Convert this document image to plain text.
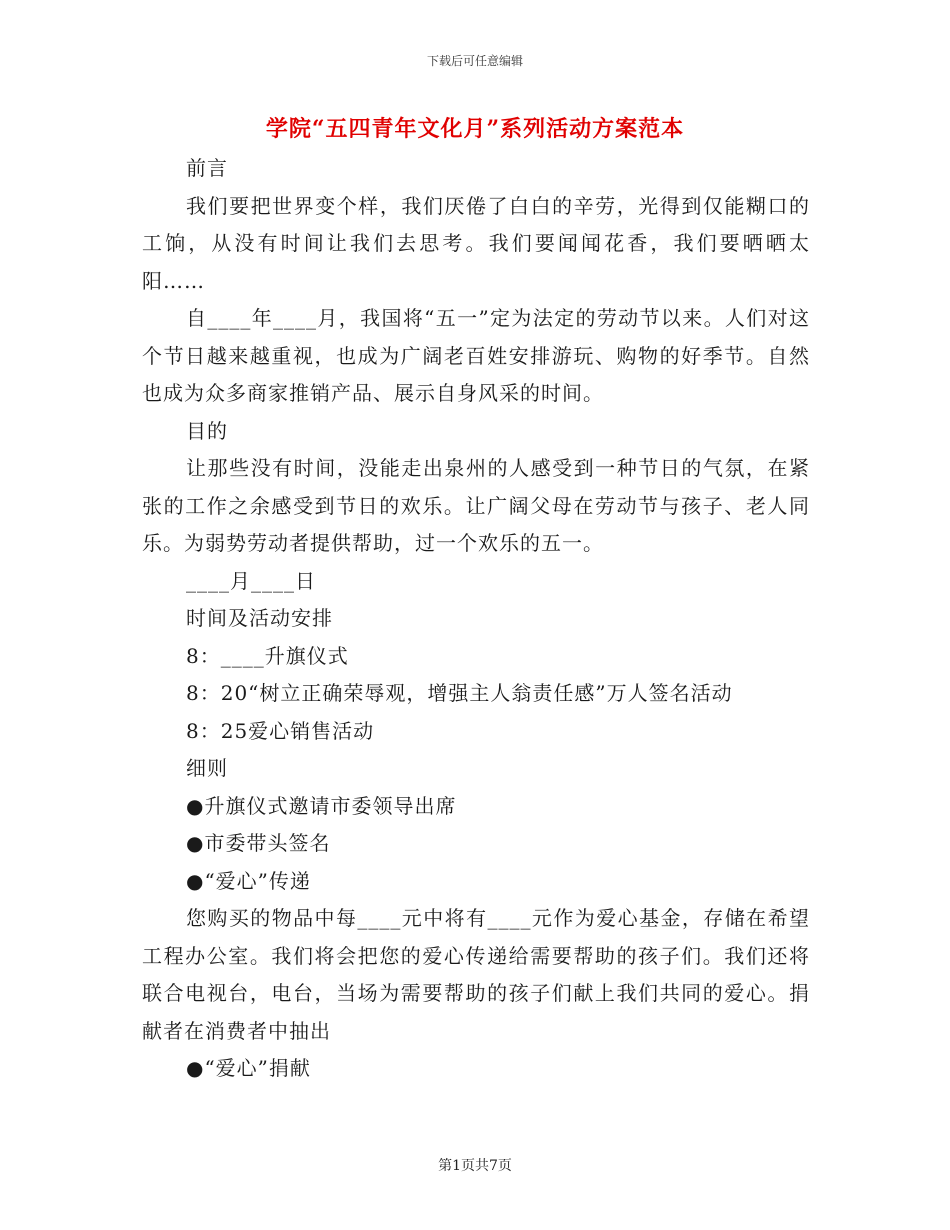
下载后可任意编辑
学院“五四青年文化月”系列活动方案范本

前言

我们要把世界变个样，我们厌倦了白白的辛劳，光得到仅能糊口的工饷，从没有时间让我们去思考。我们要闻闻花香，我们要晒晒太阳……

自____年____月，我国将“五一”定为法定的劳动节以来。人们对这个节日越来越重视，也成为广阔老百姓安排游玩、购物的好季节。自然也成为众多商家推销产品、展示自身风采的时间。

目的

让那些没有时间，没能走出泉州的人感受到一种节日的气氛，在紧张的工作之余感受到节日的欢乐。让广阔父母在劳动节与孩子、老人同乐。为弱势劳动者提供帮助，过一个欢乐的五一。

____月____日

时间及活动安排

8：____升旗仪式

8：20“树立正确荣辱观，增强主人翁责任感”万人签名活动

8：25爱心销售活动

细则

●升旗仪式邀请市委领导出席

●市委带头签名

●“爱心”传递

您购买的物品中每____元中将有____元作为爱心基金，存储在希望工程办公室。我们将会把您的爱心传递给需要帮助的孩子们。我们还将联合电视台，电台，当场为需要帮助的孩子们献上我们共同的爱心。捐献者在消费者中抽出

●“爱心”捐献

第1页共7页
